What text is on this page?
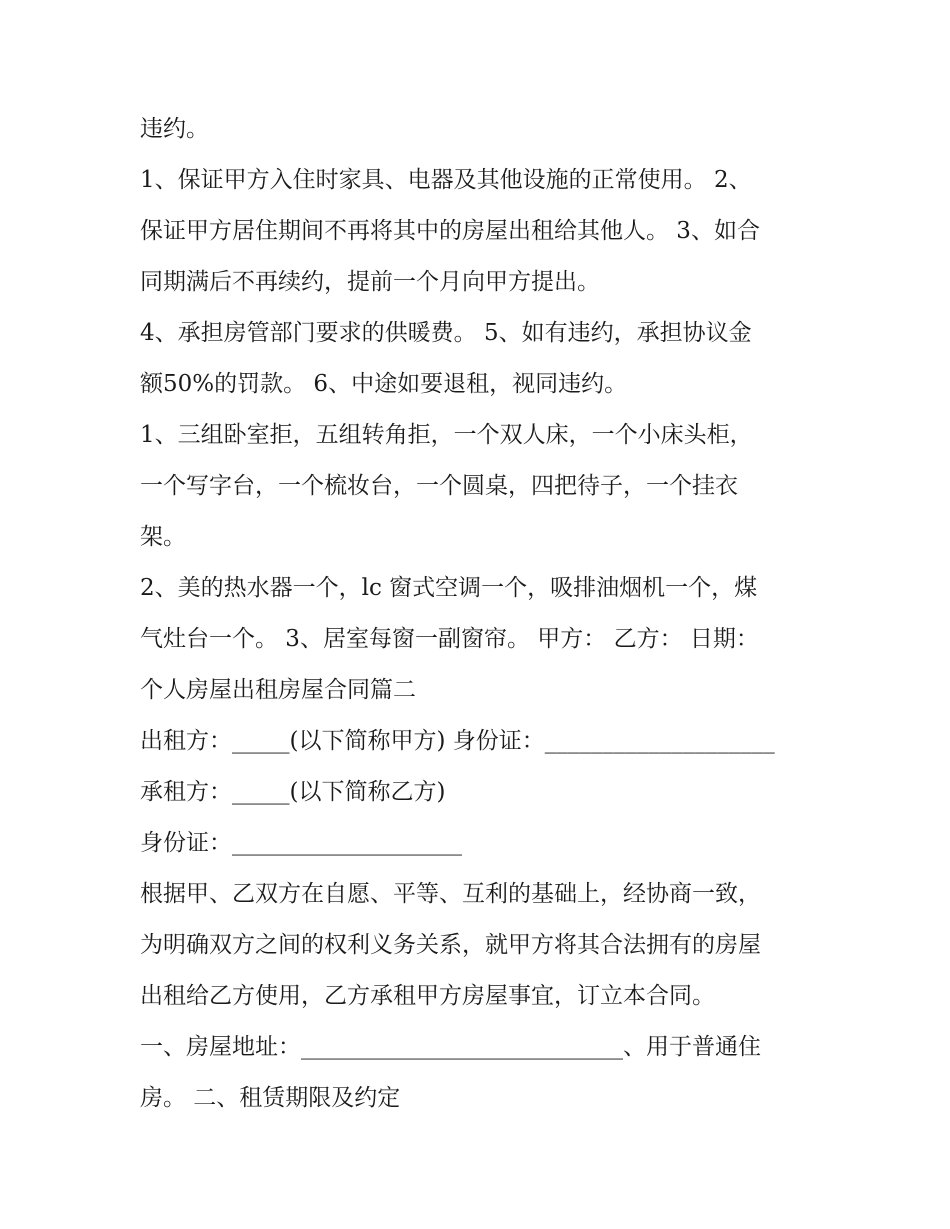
违约。
1、保证甲方入住时家具、电器及其他设施的正常使用。 2、
保证甲方居住期间不再将其中的房屋出租给其他人。 3、如合
同期满后不再续约，提前一个月向甲方提出。
4、承担房管部门要求的供暖费。 5、如有违约，承担协议金
额50%的罚款。 6、中途如要退租，视同违约。
1、三组卧室拒，五组转角拒，一个双人床，一个小床头柜，
一个写字台，一个梳妆台，一个圆桌，四把待子，一个挂衣
架。
2、美的热水器一个，lc 窗式空调一个，吸排油烟机一个，煤
气灶台一个。 3、居室每窗一副窗帘。 甲方： 乙方： 日期：
个人房屋出租房屋合同篇二
出租方：_____(以下简称甲方) 身份证：____________________
承租方：_____(以下简称乙方)
身份证：____________________
根据甲、乙双方在自愿、平等、互利的基础上，经协商一致，
为明确双方之间的权利义务关系，就甲方将其合法拥有的房屋
出租给乙方使用，乙方承租甲方房屋事宜，订立本合同。
一、房屋地址：____________________________、用于普通住
房。 二、租赁期限及约定
